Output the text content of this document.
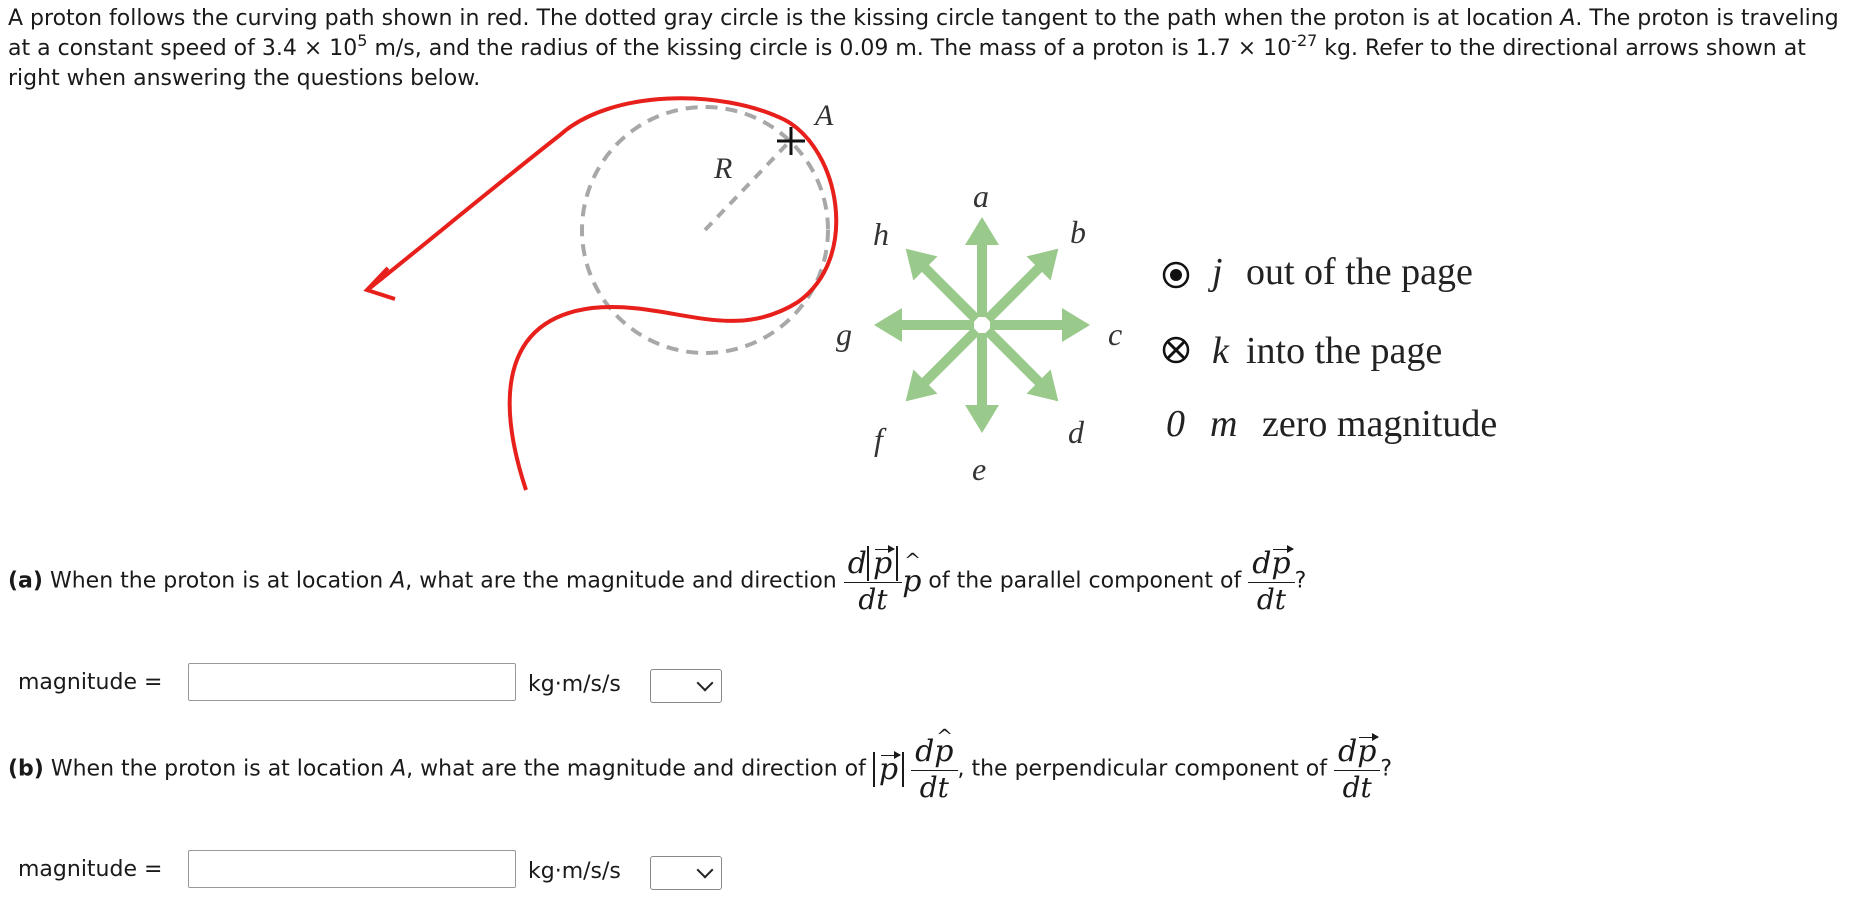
A proton follows the curving path shown in red. The dotted gray circle is the kissing circle tangent to the path when the proton is at location A. The proton is traveling at a constant speed of $3.4 \times 10^5$ m/s, and the radius of the kissing circle is 0.09 m. The mass of a proton is $1.7 \times 10^{-27}$ kg. Refer to the directional arrows shown at right when answering the questions below.

R
A
a
b
c
d
e
f
g
h
j out of the page
k into the page
0 m zero magnitude
(a) When the proton is at location A, what are the magnitude and direction $\frac{\text{d p}}{dt}$ p ^ of the parallel component of $\frac{dp}{dt}$ ?
magnitude =	kg·m/s/s
(b) When the proton is at location A, what are the magnitude and direction of p $\frac{dp \^{}}{dt}$ , the perpendicular component of $\frac{dp}{dt}$ ?
magnitude =	kg·m/s/s
